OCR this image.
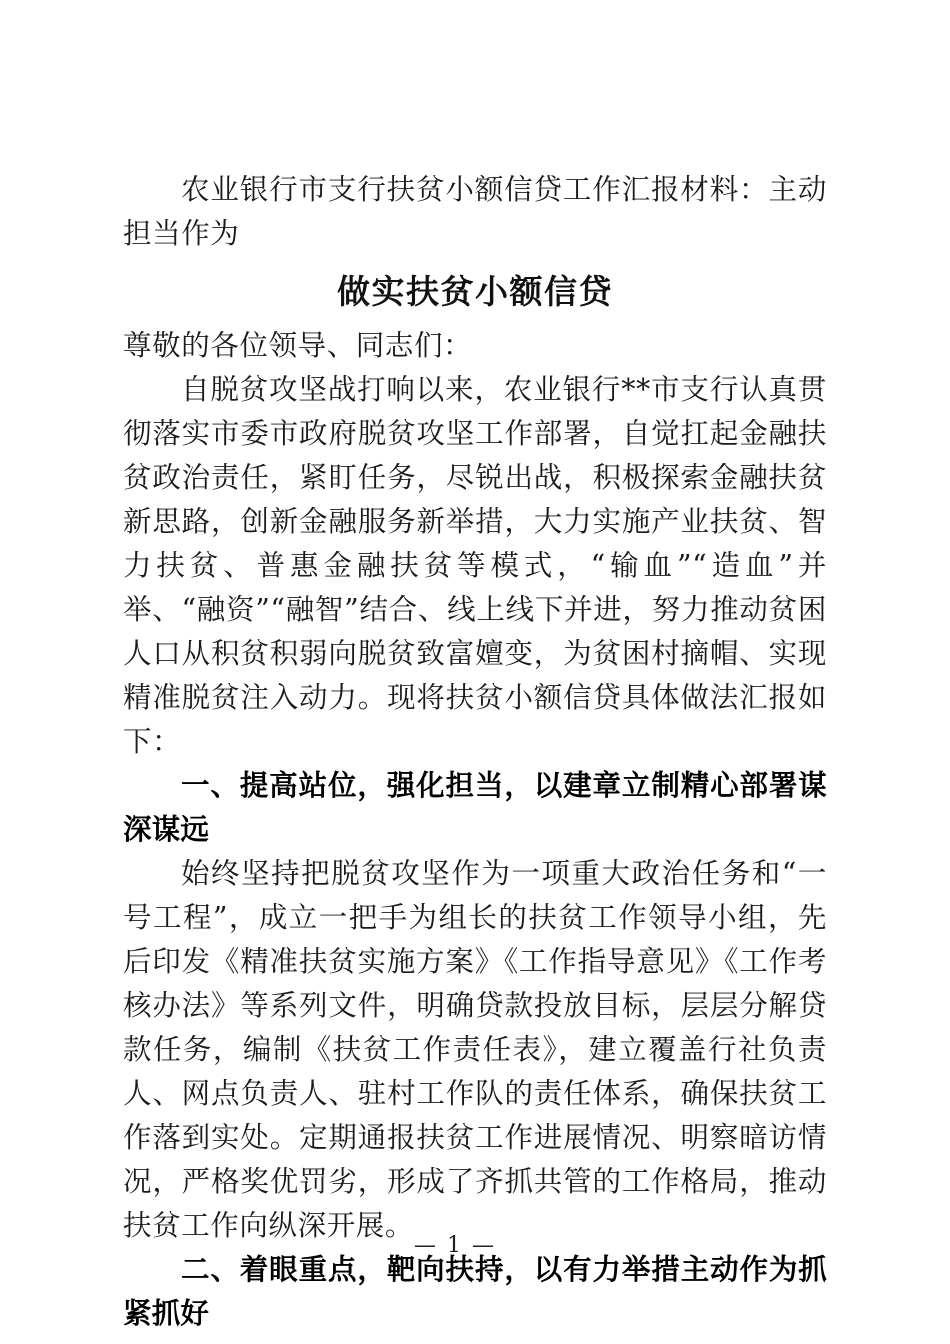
农业银行市支行扶贫小额信贷工作汇报材料：主动担当作为

做实扶贫小额信贷

尊敬的各位领导、同志们：

自脱贫攻坚战打响以来，农业银行**市支行认真贯彻落实市委市政府脱贫攻坚工作部署，自觉扛起金融扶贫政治责任，紧盯任务，尽锐出战，积极探索金融扶贫新思路，创新金融服务新举措，大力实施产业扶贫、智力扶贫、普惠金融扶贫等模式，“输血”“造血”并举、“融资”“融智”结合、线上线下并进，努力推动贫困人口从积贫积弱向脱贫致富嬗变，为贫困村摘帽、实现精准脱贫注入动力。现将扶贫小额信贷具体做法汇报如下：

一、提高站位，强化担当，以建章立制精心部署谋深谋远

始终坚持把脱贫攻坚作为一项重大政治任务和“一号工程”，成立一把手为组长的扶贫工作领导小组，先后印发《精准扶贫实施方案》《工作指导意见》《工作考核办法》等系列文件，明确贷款投放目标，层层分解贷款任务，编制《扶贫工作责任表》，建立覆盖行社负责人、网点负责人、驻村工作队的责任体系，确保扶贫工作落到实处。定期通报扶贫工作进展情况、明察暗访情况，严格奖优罚劣，形成了齐抓共管的工作格局，推动扶贫工作向纵深开展。

二、着眼重点，靶向扶持，以有力举措主动作为抓紧抓好
— 1 —
